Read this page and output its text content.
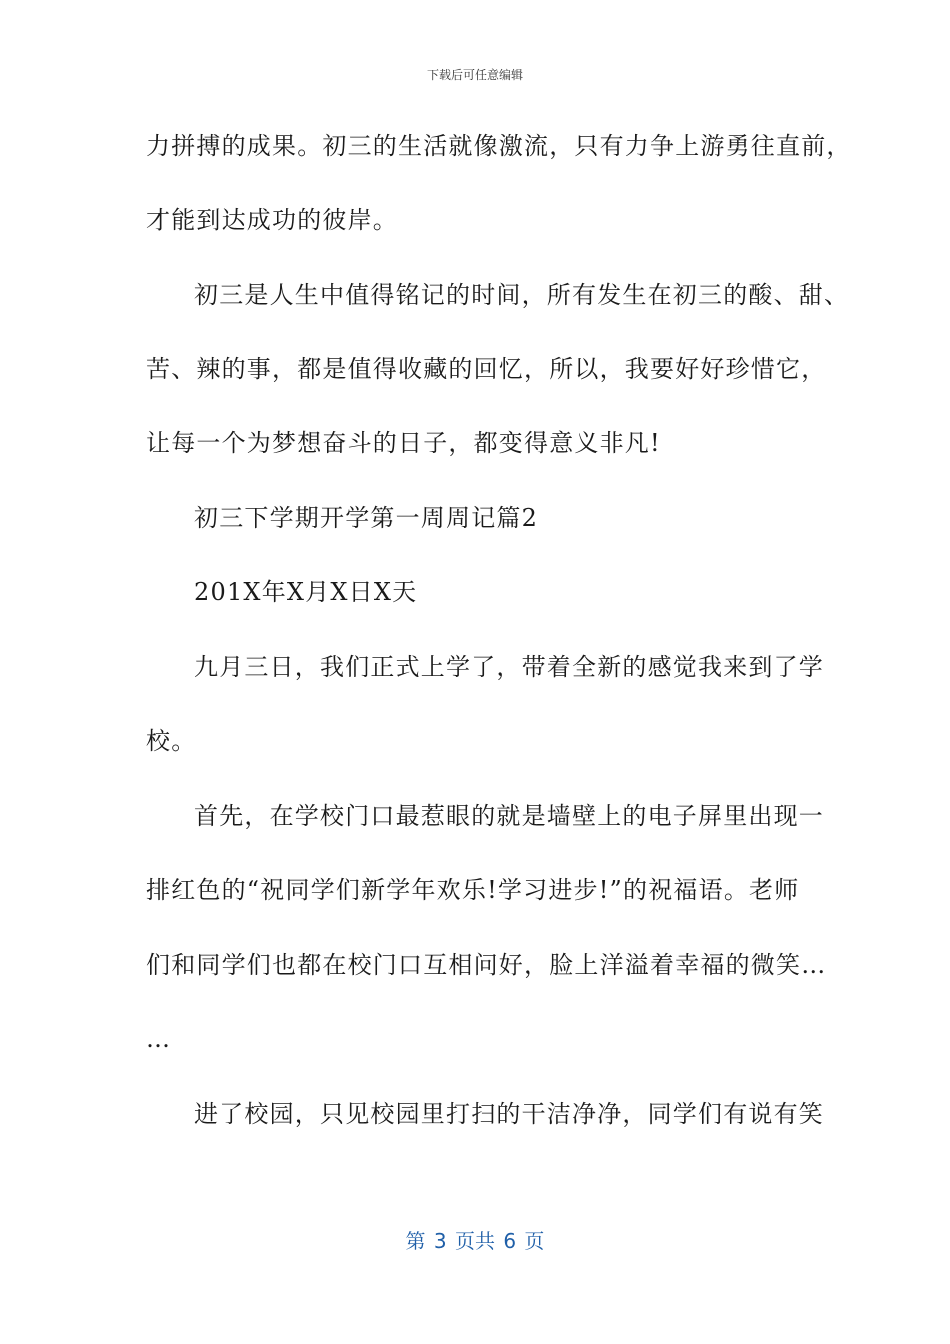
下载后可任意编辑
力拼搏的成果。初三的生活就像激流，只有力争上游勇往直前，
才能到达成功的彼岸。
初三是人生中值得铭记的时间，所有发生在初三的酸、甜、
苦、辣的事，都是值得收藏的回忆，所以，我要好好珍惜它，
让每一个为梦想奋斗的日子，都变得意义非凡!
初三下学期开学第一周周记篇2
201X年X月X日X天
九月三日，我们正式上学了，带着全新的感觉我来到了学
校。
首先，在学校门口最惹眼的就是墙壁上的电子屏里出现一
排红色的“祝同学们新学年欢乐!学习进步!”的祝福语。老师
们和同学们也都在校门口互相问好，脸上洋溢着幸福的微笑…
…
进了校园，只见校园里打扫的干洁净净，同学们有说有笑
第 3 页共 6 页
